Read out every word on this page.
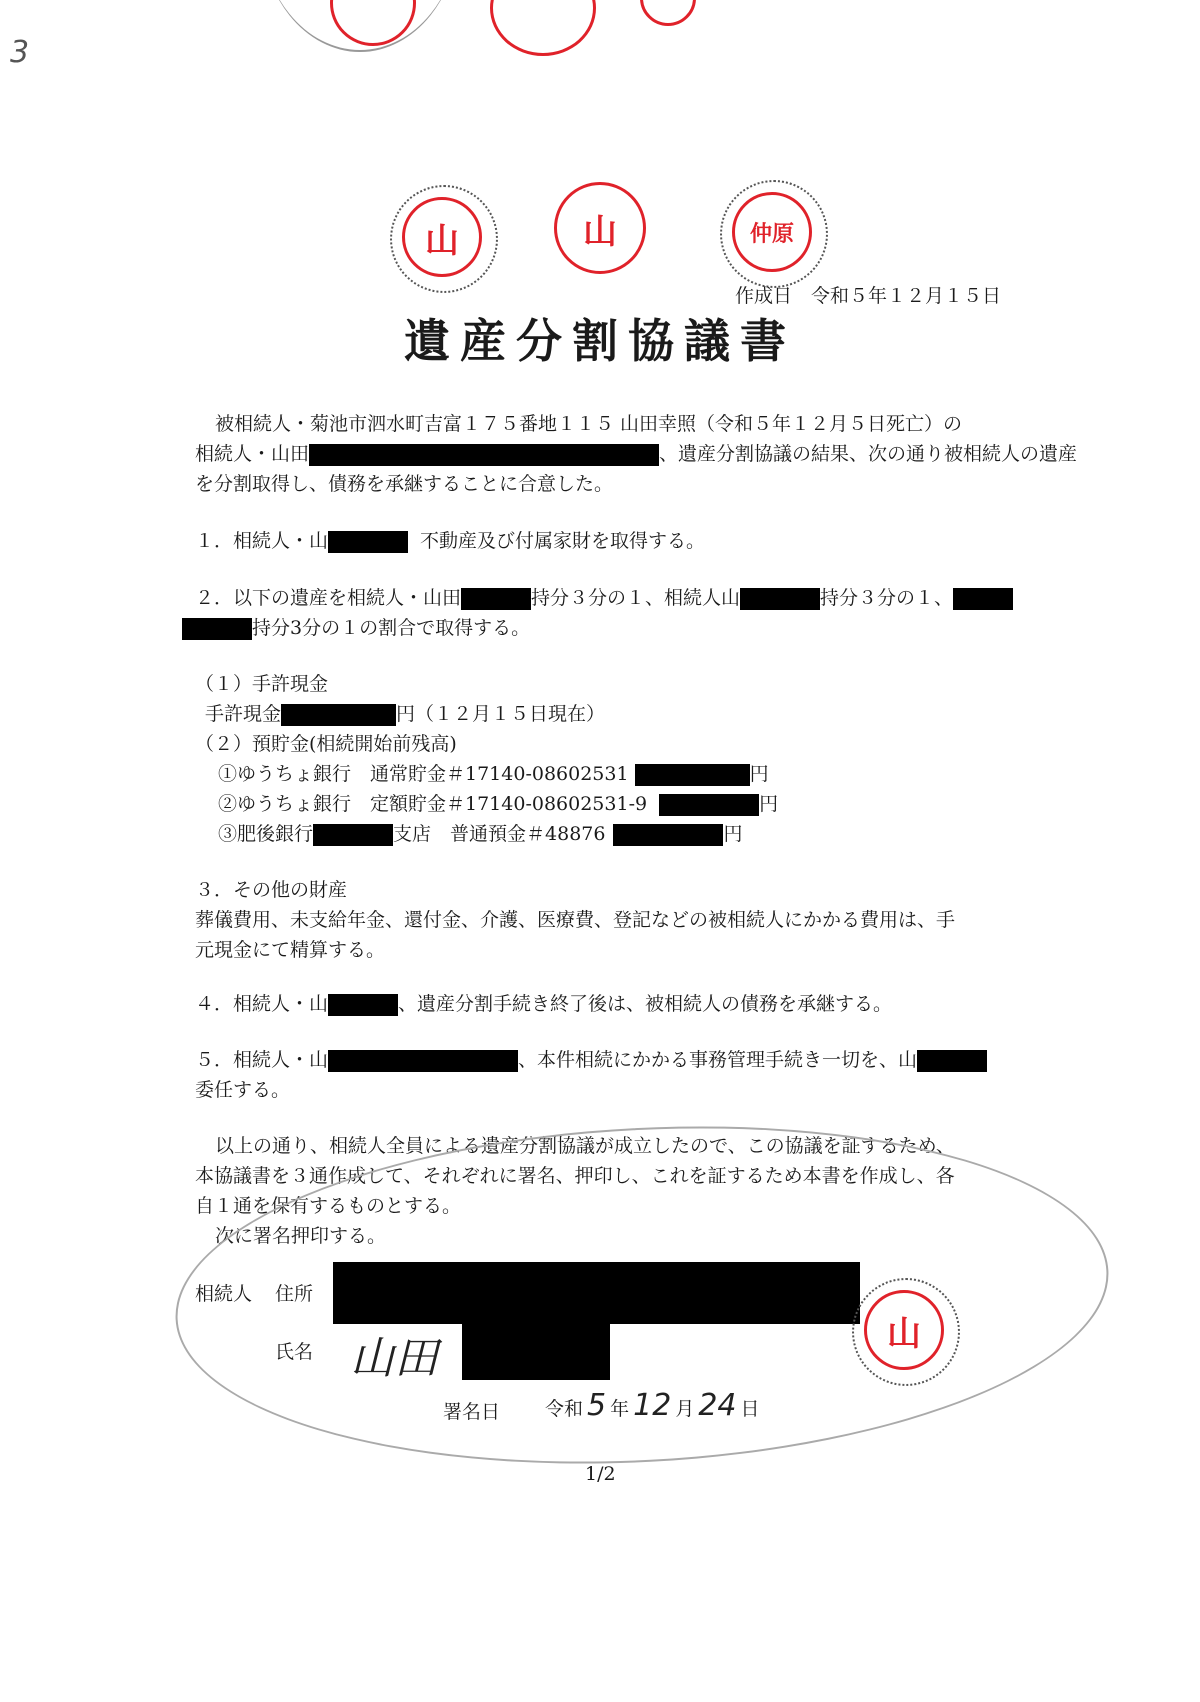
3
山	山	仲原
作成日　令和５年１２月１５日
遺産分割協議書
被相続人・菊池市泗水町吉富１７５番地１１５ 山田幸照（令和５年１２月５日死亡）の
相続人・山田	、遺産分割協議の結果、次の通り被相続人の遺産
を分割取得し、債務を承継することに合意した。
１．相続人・山	不動産及び付属家財を取得する。
２．以下の遺産を相続人・山田	持分３分の１、相続人山	持分３分の１、
持分3分の１の割合で取得する。
（１）手許現金
手許現金	円（１２月１５日現在）
（２）預貯金(相続開始前残高)
①ゆうちょ銀行　通常貯金＃17140-08602531	円
②ゆうちょ銀行　定額貯金＃17140-08602531-9	円
③肥後銀行	支店　普通預金＃48876	円
３．その他の財産
葬儀費用、未支給年金、還付金、介護、医療費、登記などの被相続人にかかる費用は、手
元現金にて精算する。
４．相続人・山	、遺産分割手続き終了後は、被相続人の債務を承継する。
５．相続人・山	、本件相続にかかる事務管理手続き一切を、山
委任する。
以上の通り、相続人全員による遺産分割協議が成立したので、この協議を証するため、
本協議書を３通作成して、それぞれに署名、押印し、これを証するため本書を作成し、各
自１通を保有するものとする。
次に署名押印する。
相続人 住所
氏名 山田	山
署名日 令和 5 年 12 月 24 日
1/2
